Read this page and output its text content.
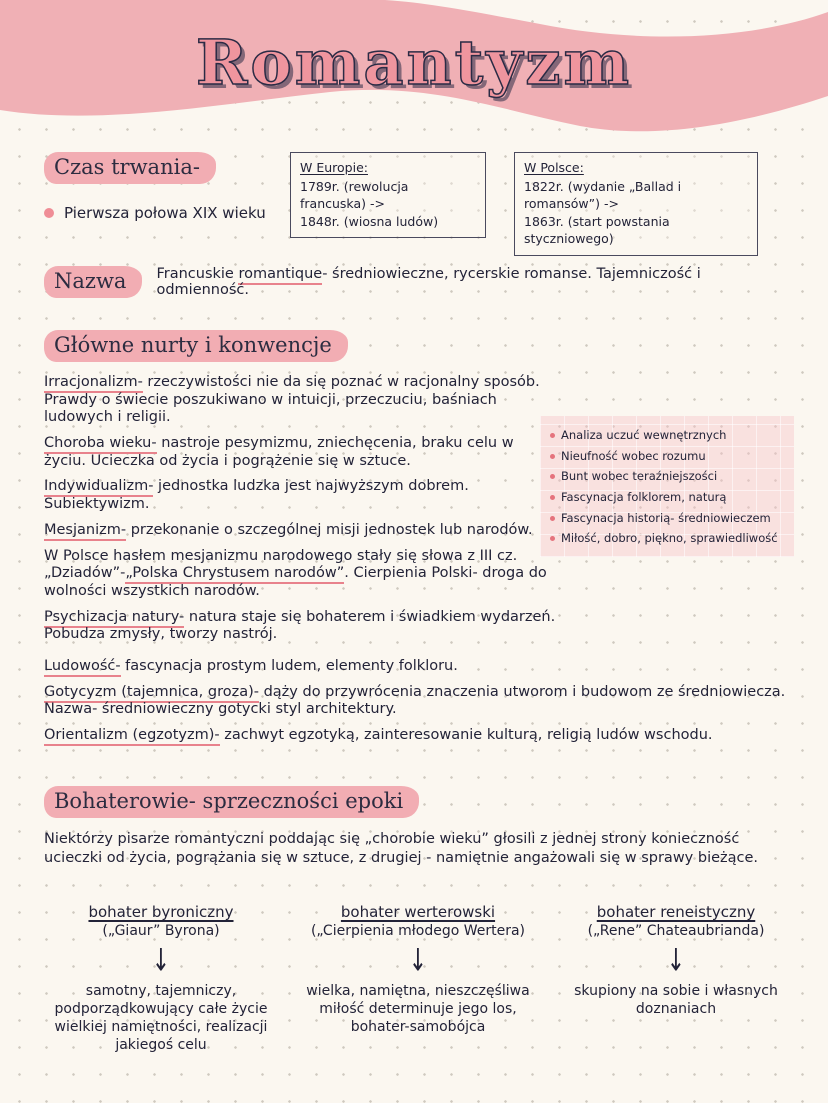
Romantyzm
Czas trwania-
Pierwsza połowa XIX wieku
W Europie:
1789r. (rewolucja francuska) ->
1848r. (wiosna ludów)
W Polsce:
1822r. (wydanie „Ballad i romansów”) ->
1863r. (start powstania styczniowego)
Nazwa	Francuskie romantique- średniowieczne, rycerskie romanse. Tajemniczość i odmienność.
Główne nurty i konwencje

Irracjonalizm- rzeczywistości nie da się poznać w racjonalny sposób. Prawdy o świecie poszukiwano w intuicji, przeczuciu, baśniach ludowych i religii.

Choroba wieku- nastroje pesymizmu, zniechęcenia, braku celu w życiu. Ucieczka od życia i pogrążenie się w sztuce.

Indywidualizm- jednostka ludzka jest najwyższym dobrem. Subiektywizm.

Mesjanizm- przekonanie o szczególnej misji jednostek lub narodów.

W Polsce hasłem mesjanizmu narodowego stały się słowa z III cz. „Dziadów”-„Polska Chrystusem narodów”. Cierpienia Polski- droga do wolności wszystkich narodów.

Psychizacja natury- natura staje się bohaterem i świadkiem wydarzeń. Pobudza zmysły, tworzy nastrój.

Ludowość- fascynacja prostym ludem, elementy folkloru.

Gotycyzm (tajemnica, groza)- dąży do przywrócenia znaczenia utworom i budowom ze średniowiecza. Nazwa- średniowieczny gotycki styl architektury.

Orientalizm (egzotyzm)- zachwyt egzotyką, zainteresowanie kulturą, religią ludów wschodu.

Analiza uczuć wewnętrznych
Nieufność wobec rozumu
Bunt wobec teraźniejszości
Fascynacja folklorem, naturą
Fascynacja historią- średniowieczem
Miłość, dobro, piękno, sprawiedliwość
Bohaterowie- sprzeczności epoki

Niektórzy pisarze romantyczni poddając się „chorobie wieku” głosili z jednej strony konieczność ucieczki od życia, pogrążania się w sztuce, z drugiej - namiętnie angażowali się w sprawy bieżące.

bohater byroniczny
(„Giaur” Byrona)
↓
samotny, tajemniczy, podporządkowujący całe życie wielkiej namiętności, realizacji jakiegoś celu
bohater werterowski
(„Cierpienia młodego Wertera)
↓
wielka, namiętna, nieszczęśliwa miłość determinuje jego los, bohater-samobójca
bohater reneistyczny
(„Rene” Chateaubrianda)
↓
skupiony na sobie i własnych doznaniach
